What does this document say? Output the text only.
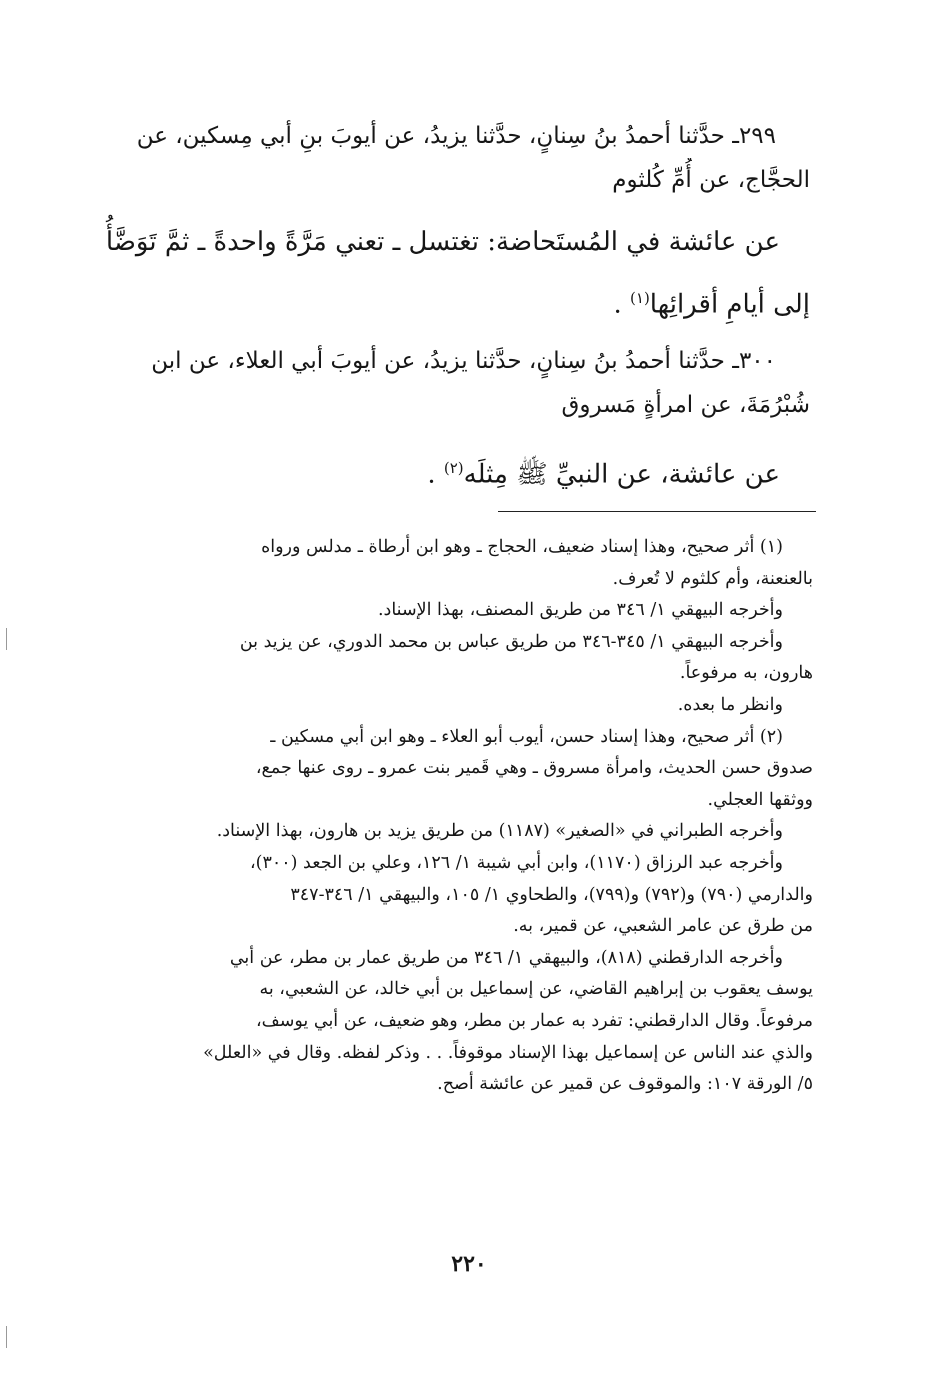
٢٩٩ـ حدَّثنا أحمدُ بنُ سِنانٍ، حدَّثنا يزيدُ، عن أيوبَ بنِ أبي مِسكين، عن
الحجَّاج، عن أُمِّ كُلثوم
عن عائشة في المُستَحاضة: تغتسل ـ تعني مَرَّةً واحدةً ـ ثمَّ تَوَضَّأُ
إلى أيامِ أقرائِها$^{(١)}$ .
٣٠٠ـ حدَّثنا أحمدُ بنُ سِنانٍ، حدَّثنا يزيدُ، عن أيوبَ أبي العلاء، عن ابن
شُبْرُمَةَ، عن امرأةٍ مَسروق
عن عائشة، عن النبيِّ ﷺ مِثلَه$^{(٢)}$ .
(١) أثر صحيح، وهذا إسناد ضعيف، الحجاج ـ وهو ابن أرطاة ـ مدلس ورواه
بالعنعنة، وأم كلثوم لا تُعرف.
وأخرجه البيهقي ١/ ٣٤٦ من طريق المصنف، بهذا الإسناد.
وأخرجه البيهقي ١/ ٣٤٥-٣٤٦ من طريق عباس بن محمد الدوري، عن يزيد بن
هارون، به مرفوعاً.
وانظر ما بعده.
(٢) أثر صحيح، وهذا إسناد حسن، أيوب أبو العلاء ـ وهو ابن أبي مسكين ـ
صدوق حسن الحديث، وامرأة مسروق ـ وهي قَمير بنت عمرو ـ روى عنها جمع،
ووثقها العجلي.
وأخرجه الطبراني في «الصغير» (١١٨٧) من طريق يزيد بن هارون، بهذا الإسناد.
وأخرجه عبد الرزاق (١١٧٠)، وابن أبي شيبة ١/ ١٢٦، وعلي بن الجعد (٣٠٠)،
والدارمي (٧٩٠) و(٧٩٢) و(٧٩٩)، والطحاوي ١/ ١٠٥، والبيهقي ١/ ٣٤٦-٣٤٧
من طرق عن عامر الشعبي، عن قمير، به.
وأخرجه الدارقطني (٨١٨)، والبيهقي ١/ ٣٤٦ من طريق عمار بن مطر، عن أبي
يوسف يعقوب بن إبراهيم القاضي، عن إسماعيل بن أبي خالد، عن الشعبي، به
مرفوعاً. وقال الدارقطني: تفرد به عمار بن مطر، وهو ضعيف، عن أبي يوسف،
والذي عند الناس عن إسماعيل بهذا الإسناد موقوفاً. . . وذكر لفظه. وقال في «العلل»
٥/ الورقة ١٠٧: والموقوف عن قمير عن عائشة أصح.
٢٢٠
